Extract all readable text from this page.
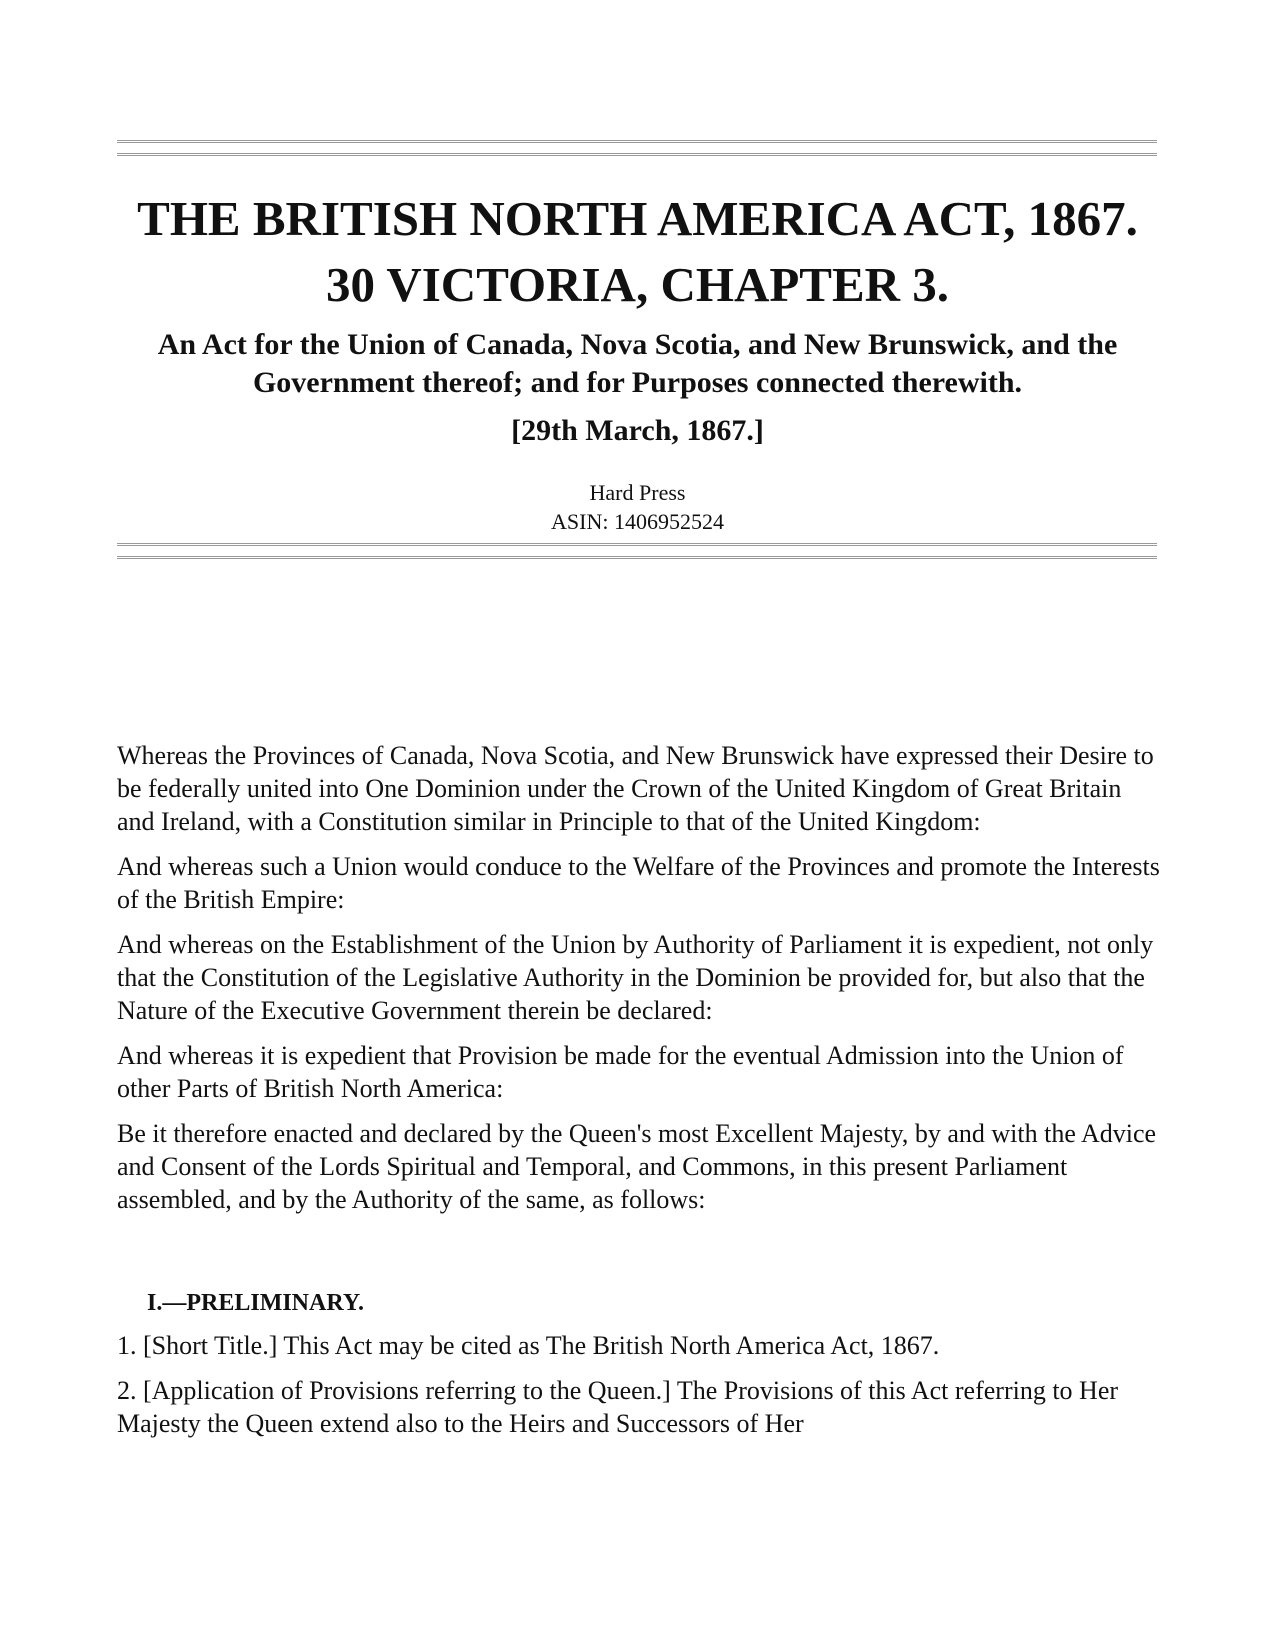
THE BRITISH NORTH AMERICA ACT, 1867.

30 VICTORIA, CHAPTER 3.

An Act for the Union of Canada, Nova Scotia, and New Brunswick, and the Government thereof; and for Purposes connected therewith.

[29th March, 1867.]

Hard Press

ASIN: 1406952524

Whereas the Provinces of Canada, Nova Scotia, and New Brunswick have expressed their Desire to be federally united into One Dominion under the Crown of the United Kingdom of Great Britain and Ireland, with a Constitution similar in Principle to that of the United Kingdom:

And whereas such a Union would conduce to the Welfare of the Provinces and promote the Interests of the British Empire:

And whereas on the Establishment of the Union by Authority of Parliament it is expedient, not only that the Constitution of the Legislative Authority in the Dominion be provided for, but also that the Nature of the Executive Government therein be declared:

And whereas it is expedient that Provision be made for the eventual Admission into the Union of other Parts of British North America:

Be it therefore enacted and declared by the Queen's most Excellent Majesty, by and with the Advice and Consent of the Lords Spiritual and Temporal, and Commons, in this present Parliament assembled, and by the Authority of the same, as follows:

I.—PRELIMINARY.

1. [Short Title.] This Act may be cited as The British North America Act, 1867.

2. [Application of Provisions referring to the Queen.] The Provisions of this Act referring to Her Majesty the Queen extend also to the Heirs and Successors of Her
